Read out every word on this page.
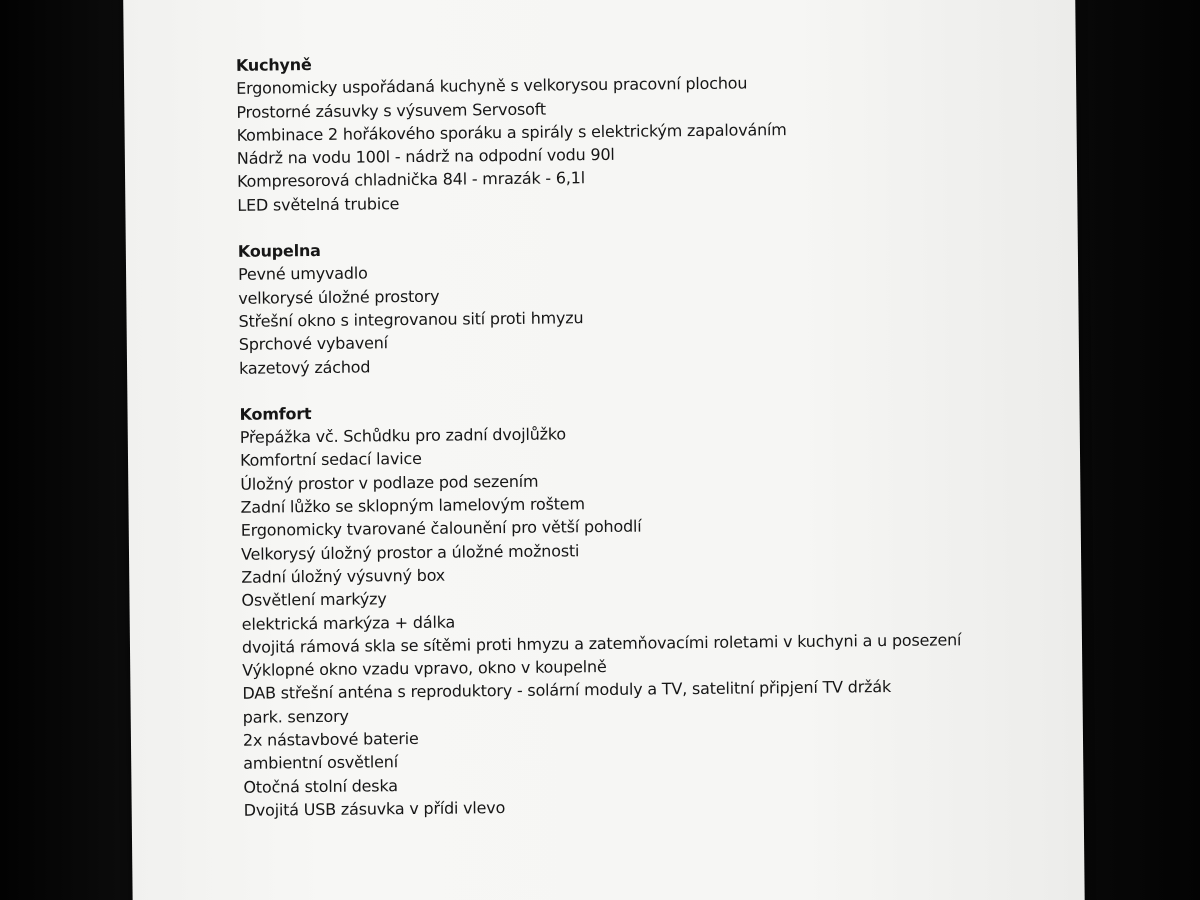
Kuchyně
Ergonomicky uspořádaná kuchyně s velkorysou pracovní plochou
Prostorné zásuvky s výsuvem Servosoft
Kombinace 2 hořákového sporáku a spirály s elektrickým zapalováním
Nádrž na vodu 100l - nádrž na odpodní vodu 90l
Kompresorová chladnička 84l - mrazák - 6,1l
LED světelná trubice
Koupelna
Pevné umyvadlo
velkorysé úložné prostory
Střešní okno s integrovanou sití proti hmyzu
Sprchové vybavení
kazetový záchod
Komfort
Přepážka vč. Schůdku pro zadní dvojlůžko
Komfortní sedací lavice
Úložný prostor v podlaze pod sezením
Zadní lůžko se sklopným lamelovým roštem
Ergonomicky tvarované čalounění pro větší pohodlí
Velkorysý úložný prostor a úložné možnosti
Zadní úložný výsuvný box
Osvětlení markýzy
elektrická markýza + dálka
dvojitá rámová skla se sítěmi proti hmyzu a zatemňovacími roletami v kuchyni a u posezení
Výklopné okno vzadu vpravo, okno v koupelně
DAB střešní anténa s reproduktory - solární moduly a TV, satelitní připjení TV držák
park. senzory
2x nástavbové baterie
ambientní osvětlení
Otočná stolní deska
Dvojitá USB zásuvka v přídi vlevo
